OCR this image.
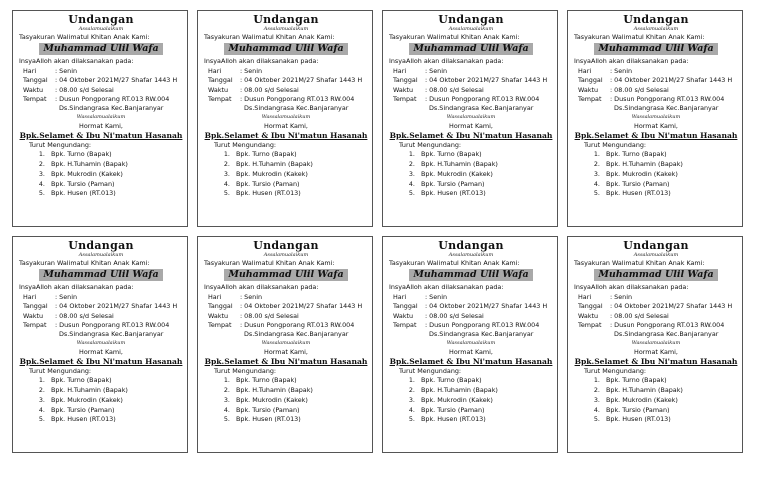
Undangan
Assalamualaikum
Tasyakuran Walimatul Khitan Anak Kami:
Muhammad Ulil Wafa
InsyaAlloh akan dilaksanakan pada:
Hari	: Senin
Tanggal	: 04 Oktober 2021M/27 Shafar 1443 H
Waktu	: 08.00 s/d Selesai
Tempat	: Dusun Pongporang RT.013 RW.004
Ds.Sindangrasa Kec.Banjaranyar
Wassalamualaikum
Hormat Kami,
Bpk.Selamet & Ibu Ni'matun Hasanah
Turut Mengundang:
1. Bpk. Turno (Bapak)
2. Bpk. H.Tuhamin (Bapak)
3. Bpk. Mukrodin (Kakek)
4. Bpk. Tursio (Paman)
5. Bpk. Husen (RT.013)
Undangan
Assalamualaikum
Tasyakuran Walimatul Khitan Anak Kami:
Muhammad Ulil Wafa
InsyaAlloh akan dilaksanakan pada:
Hari	: Senin
Tanggal	: 04 Oktober 2021M/27 Shafar 1443 H
Waktu	: 08.00 s/d Selesai
Tempat	: Dusun Pongporang RT.013 RW.004
Ds.Sindangrasa Kec.Banjaranyar
Wassalamualaikum
Hormat Kami,
Bpk.Selamet & Ibu Ni'matun Hasanah
Turut Mengundang:
1. Bpk. Turno (Bapak)
2. Bpk. H.Tuhamin (Bapak)
3. Bpk. Mukrodin (Kakek)
4. Bpk. Tursio (Paman)
5. Bpk. Husen (RT.013)
Undangan
Assalamualaikum
Tasyakuran Walimatul Khitan Anak Kami:
Muhammad Ulil Wafa
InsyaAlloh akan dilaksanakan pada:
Hari	: Senin
Tanggal	: 04 Oktober 2021M/27 Shafar 1443 H
Waktu	: 08.00 s/d Selesai
Tempat	: Dusun Pongporang RT.013 RW.004
Ds.Sindangrasa Kec.Banjaranyar
Wassalamualaikum
Hormat Kami,
Bpk.Selamet & Ibu Ni'matun Hasanah
Turut Mengundang:
1. Bpk. Turno (Bapak)
2. Bpk. H.Tuhamin (Bapak)
3. Bpk. Mukrodin (Kakek)
4. Bpk. Tursio (Paman)
5. Bpk. Husen (RT.013)
Undangan
Assalamualaikum
Tasyakuran Walimatul Khitan Anak Kami:
Muhammad Ulil Wafa
InsyaAlloh akan dilaksanakan pada:
Hari	: Senin
Tanggal	: 04 Oktober 2021M/27 Shafar 1443 H
Waktu	: 08.00 s/d Selesai
Tempat	: Dusun Pongporang RT.013 RW.004
Ds.Sindangrasa Kec.Banjaranyar
Wassalamualaikum
Hormat Kami,
Bpk.Selamet & Ibu Ni'matun Hasanah
Turut Mengundang:
1. Bpk. Turno (Bapak)
2. Bpk. H.Tuhamin (Bapak)
3. Bpk. Mukrodin (Kakek)
4. Bpk. Tursio (Paman)
5. Bpk. Husen (RT.013)
Undangan
Assalamualaikum
Tasyakuran Walimatul Khitan Anak Kami:
Muhammad Ulil Wafa
InsyaAlloh akan dilaksanakan pada:
Hari	: Senin
Tanggal	: 04 Oktober 2021M/27 Shafar 1443 H
Waktu	: 08.00 s/d Selesai
Tempat	: Dusun Pongporang RT.013 RW.004
Ds.Sindangrasa Kec.Banjaranyar
Wassalamualaikum
Hormat Kami,
Bpk.Selamet & Ibu Ni'matun Hasanah
Turut Mengundang:
1. Bpk. Turno (Bapak)
2. Bpk. H.Tuhamin (Bapak)
3. Bpk. Mukrodin (Kakek)
4. Bpk. Tursio (Paman)
5. Bpk. Husen (RT.013)
Undangan
Assalamualaikum
Tasyakuran Walimatul Khitan Anak Kami:
Muhammad Ulil Wafa
InsyaAlloh akan dilaksanakan pada:
Hari	: Senin
Tanggal	: 04 Oktober 2021M/27 Shafar 1443 H
Waktu	: 08.00 s/d Selesai
Tempat	: Dusun Pongporang RT.013 RW.004
Ds.Sindangrasa Kec.Banjaranyar
Wassalamualaikum
Hormat Kami,
Bpk.Selamet & Ibu Ni'matun Hasanah
Turut Mengundang:
1. Bpk. Turno (Bapak)
2. Bpk. H.Tuhamin (Bapak)
3. Bpk. Mukrodin (Kakek)
4. Bpk. Tursio (Paman)
5. Bpk. Husen (RT.013)
Undangan
Assalamualaikum
Tasyakuran Walimatul Khitan Anak Kami:
Muhammad Ulil Wafa
InsyaAlloh akan dilaksanakan pada:
Hari	: Senin
Tanggal	: 04 Oktober 2021M/27 Shafar 1443 H
Waktu	: 08.00 s/d Selesai
Tempat	: Dusun Pongporang RT.013 RW.004
Ds.Sindangrasa Kec.Banjaranyar
Wassalamualaikum
Hormat Kami,
Bpk.Selamet & Ibu Ni'matun Hasanah
Turut Mengundang:
1. Bpk. Turno (Bapak)
2. Bpk. H.Tuhamin (Bapak)
3. Bpk. Mukrodin (Kakek)
4. Bpk. Tursio (Paman)
5. Bpk. Husen (RT.013)
Undangan
Assalamualaikum
Tasyakuran Walimatul Khitan Anak Kami:
Muhammad Ulil Wafa
InsyaAlloh akan dilaksanakan pada:
Hari	: Senin
Tanggal	: 04 Oktober 2021M/27 Shafar 1443 H
Waktu	: 08.00 s/d Selesai
Tempat	: Dusun Pongporang RT.013 RW.004
Ds.Sindangrasa Kec.Banjaranyar
Wassalamualaikum
Hormat Kami,
Bpk.Selamet & Ibu Ni'matun Hasanah
Turut Mengundang:
1. Bpk. Turno (Bapak)
2. Bpk. H.Tuhamin (Bapak)
3. Bpk. Mukrodin (Kakek)
4. Bpk. Tursio (Paman)
5. Bpk. Husen (RT.013)
